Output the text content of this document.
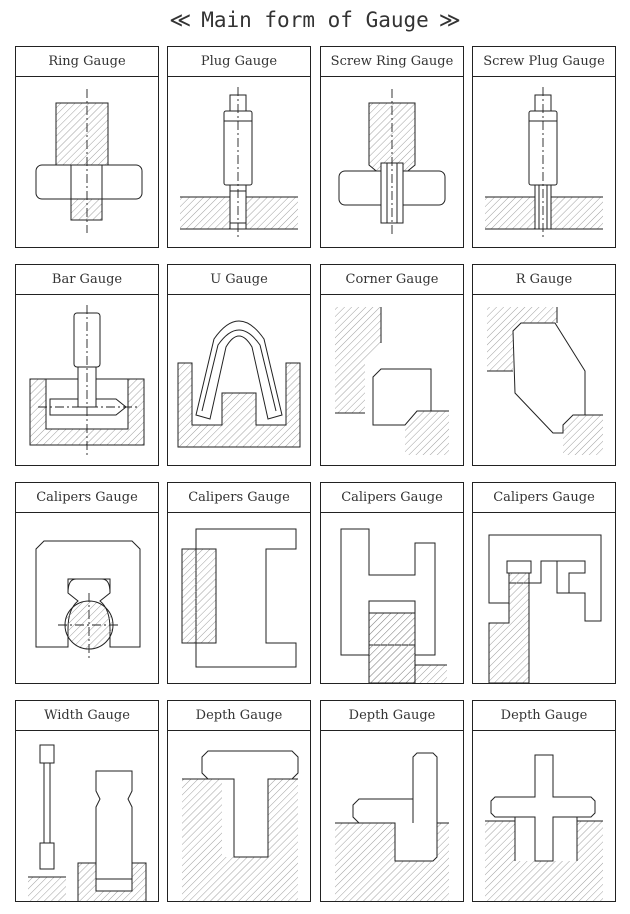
≪ Main form of Gauge ≫
Ring Gauge	Plug Gauge	Screw Ring Gauge	Screw Plug Gauge
Bar Gauge	U Gauge	Corner Gauge	R Gauge
Calipers Gauge	Calipers Gauge	Calipers Gauge	Calipers Gauge
Width Gauge	Depth Gauge	Depth Gauge	Depth Gauge
